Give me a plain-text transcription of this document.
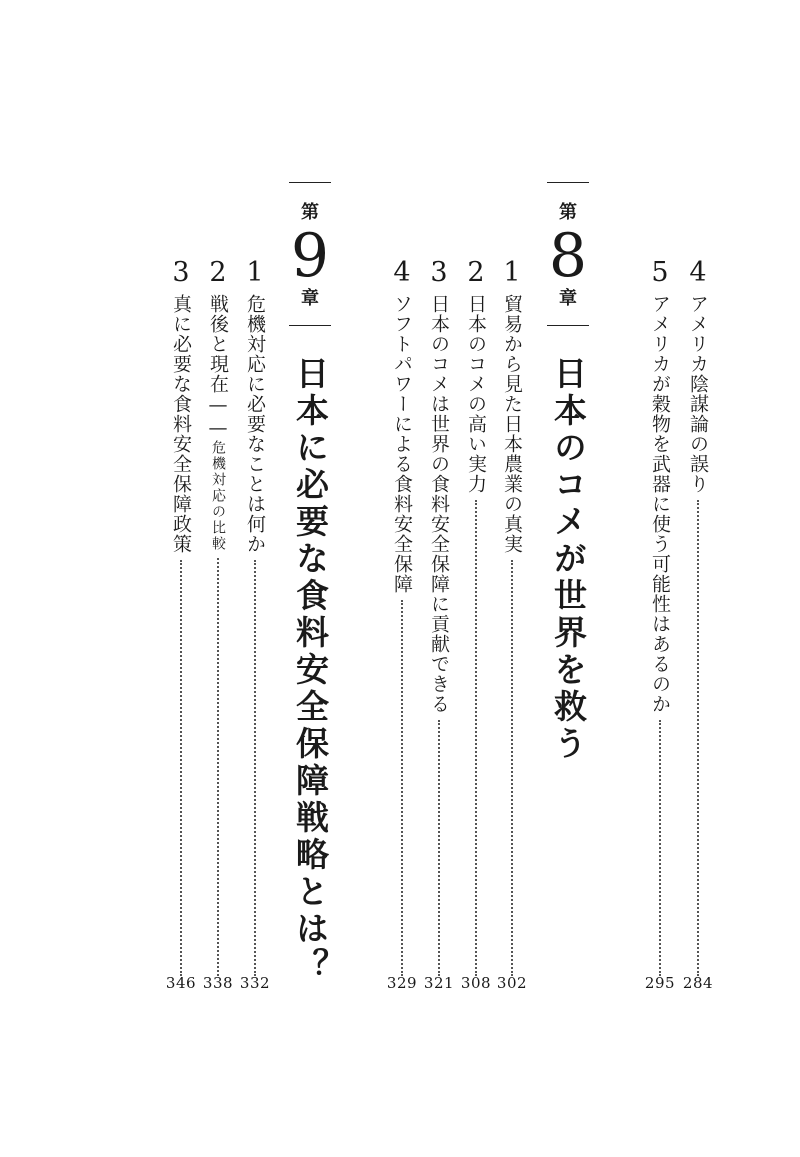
4
アメリカ陰謀論の誤り
284
5
アメリカが穀物を武器に使う可能性はあるのか
295
第
8
章
日本のコメが世界を救う
1
貿易から見た日本農業の真実
302
2
日本のコメの高い実力
308
3
日本のコメは世界の食料安全保障に貢献できる
321
4
ソフトパワーによる食料安全保障
329
第
9
章
日本に必要な食料安全保障戦略とは？
1
危機対応に必要なことは何か
332
2
戦後と現在——危機対応の比較
338
3
真に必要な食料安全保障政策
346
